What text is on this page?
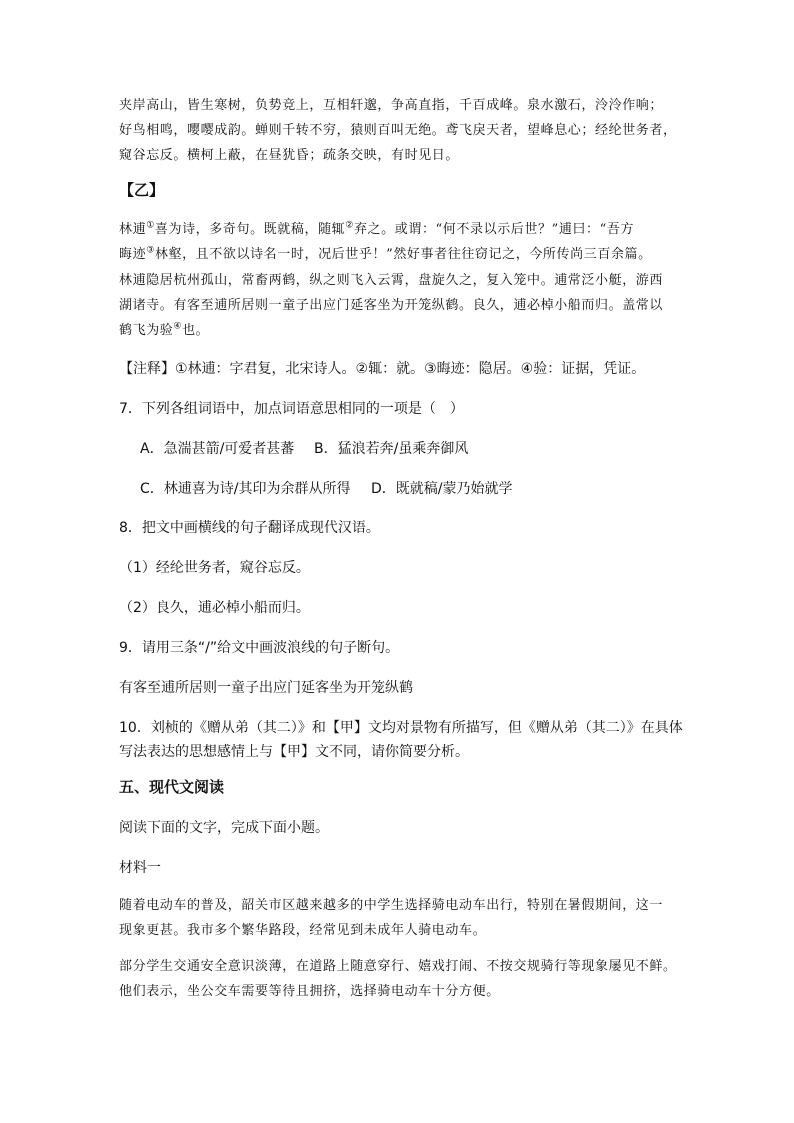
夹岸高山，皆生寒树，负势竞上，互相轩邈，争高直指，千百成峰。泉水激石，泠泠作响；
好鸟相鸣，嘤嘤成韵。蝉则千转不穷，猿则百叫无绝。鸢飞戾天者，望峰息心；经纶世务者，
窥谷忘反。横柯上蔽，在昼犹昏；疏条交映，有时见日。
【乙】
林逋①喜为诗，多奇句。既就稿，随辄②弃之。或谓：“何不录以示后世？”逋曰：“吾方
晦迹③林壑，且不欲以诗名一时，况后世乎！”然好事者往往窃记之，今所传尚三百余篇。
林逋隐居杭州孤山，常畜两鹤，纵之则飞入云霄，盘旋久之，复入笼中。逋常泛小艇，游西
湖诸寺。有客至逋所居则一童子出应门延客坐为开笼纵鹤。良久，逋必棹小船而归。盖常以
鹤飞为验④也。
【注释】①林逋：字君复，北宋诗人。②辄：就。③晦迹：隐居。④验：证据，凭证。
7．下列各组词语中，加点词语意思相同的一项是（　）
A．急湍甚箭/可爱者甚蕃 B．猛浪若奔/虽乘奔御风
C．林逋喜为诗/其印为余群从所得 D．既就稿/蒙乃始就学
8．把文中画横线的句子翻译成现代汉语。
（1）经纶世务者，窥谷忘反。
（2）良久，逋必棹小船而归。
9．请用三条“/”给文中画波浪线的句子断句。
有客至逋所居则一童子出应门延客坐为开笼纵鹤
10．刘桢的《赠从弟（其二）》和【甲】文均对景物有所描写，但《赠从弟（其二）》在具体
写法表达的思想感情上与【甲】文不同，请你简要分析。
五、现代文阅读
阅读下面的文字，完成下面小题。
材料一
随着电动车的普及，韶关市区越来越多的中学生选择骑电动车出行，特别在暑假期间，这一
现象更甚。我市多个繁华路段，经常见到未成年人骑电动车。
部分学生交通安全意识淡薄，在道路上随意穿行、嬉戏打闹、不按交规骑行等现象屡见不鲜。
他们表示，坐公交车需要等待且拥挤，选择骑电动车十分方便。
